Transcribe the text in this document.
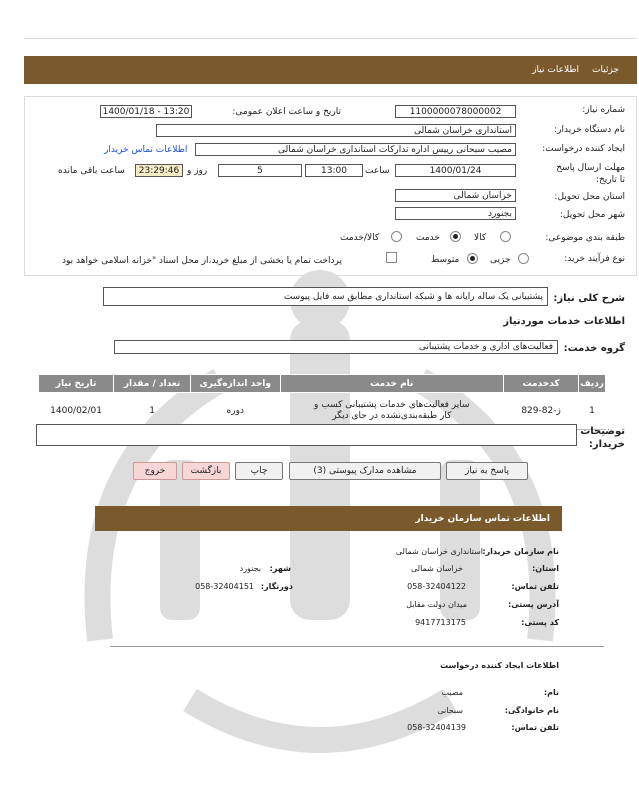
جزئیات
اطلاعات نیاز
شماره نیاز:
1100000078000002
تاریخ و ساعت اعلان عمومی:
1400/01/18 - 13:20
نام دستگاه خریدار:
استانداری خراسان شمالی
ایجاد کننده درخواست:
مصیب سبحانی رییس اداره تدارکات استانداری خراسان شمالی
اطلاعات تماس خریدار
مهلت ارسال پاسخ تا تاریخ:
1400/01/24
ساعت
13:00
5
روز و
23:29:46
ساعت باقی مانده
استان محل تحویل:
خراسان شمالی
شهر محل تحویل:
بجنورد
طبقه بندی موضوعی:
کالا
خدمت
کالا/خدمت
نوع فرآیند خرید:
جزیی
متوسط
پرداخت تمام یا بخشی از مبلغ خرید،از محل اسناد "خزانه اسلامی خواهد بود
شرح کلی نیاز:
پشتیبانی یک ساله رایانه ها و شبکه استانداری مطابق سه فایل پیوست
اطلاعات خدمات موردنیاز
گروه خدمت:
فعالیت‌های اداری و خدمات پشتیبانی
ردیف	کدخدمت	نام خدمت	واحد اندازه‌گیری	تعداد / مقدار	تاریخ نیاز
1	ز-82-829	سایر فعالیت‌های خدمات پشتیبانی کسب و
کار طبقه‌بندی‌نشده در جای دیگر	دوره	1	1400/02/01
توضیحات خریدار:
پاسخ به نیاز
مشاهده مدارک پیوستی (3)
چاپ
بازگشت
خروج
اطلاعات تماس سازمان خریدار
نام سازمان خریدار:
استانداری خراسان شمالی
استان:
خراسان شمالی
شهر:
بجنورد
تلفن تماس:
058-32404122
دورنگار:
058-32404151
آدرس پستی:
میدان دولت مقابل
کد پستی:
9417713175
اطلاعات ایجاد کننده درخواست
نام:
مصیب
نام خانوادگی:
سبحانی
تلفن تماس:
058-32404139
